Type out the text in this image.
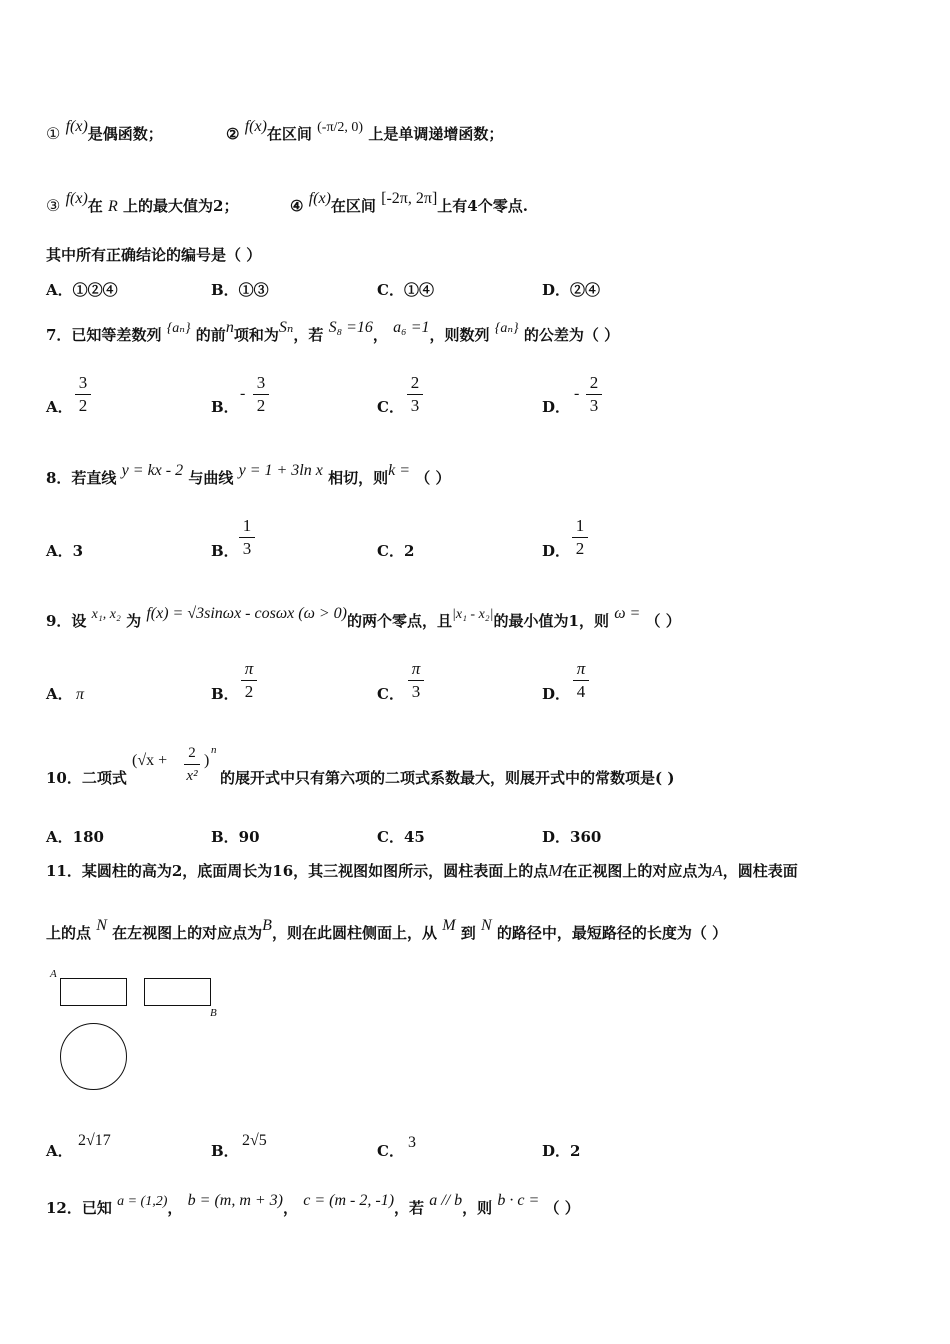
① f(x)是偶函数；	② f(x)在区间 (-π/2, 0) 上是单调递增函数；
③ f(x)在 R 上的最大值为2；	④ f(x)在区间 [-2π, 2π]上有4个零点.
其中所有正确结论的编号是（ ）
A．①②④	B．①③	C．①④	D．②④
7．已知等差数列 {aₙ} 的前n项和为Sₙ，若 S₈ =16， a₆ =1，则数列 {aₙ} 的公差为（ ）
A．
3
2	B．
-
3
2	C．
2
3	D．
-
2
3
8．若直线 y = kx - 2 与曲线 y = 1 + 3ln x 相切，则k = （ ）
A．3	B．
1
3	C．2	D．
1
2
9．设 x₁, x₂ 为 f(x) = √3sinωx - cosωx (ω > 0)的两个零点，且|x₁ - x₂|的最小值为1，则 ω = （ ）
A． π	B．
π
2	C．
π
3	D．
π
4
10．二项式
(√x +	2
x²
)
n
的展开式中只有第六项的二项式系数最大，则展开式中的常数项是( )
A．180	B．90	C．45	D．360
11．某圆柱的高为2，底面周长为16，其三视图如图所示，圆柱表面上的点M在正视图上的对应点为A，圆柱表面
上的点 N 在左视图上的对应点为B，则在此圆柱侧面上，从 M 到 N 的路径中，最短路径的长度为（ ）
A
B
A．
2√17
B．
2√5
C． 3	D．2
12．已知 a = (1,2)， b = (m, m + 3)， c = (m - 2, -1)，若 a // b，则 b · c = （ ）
